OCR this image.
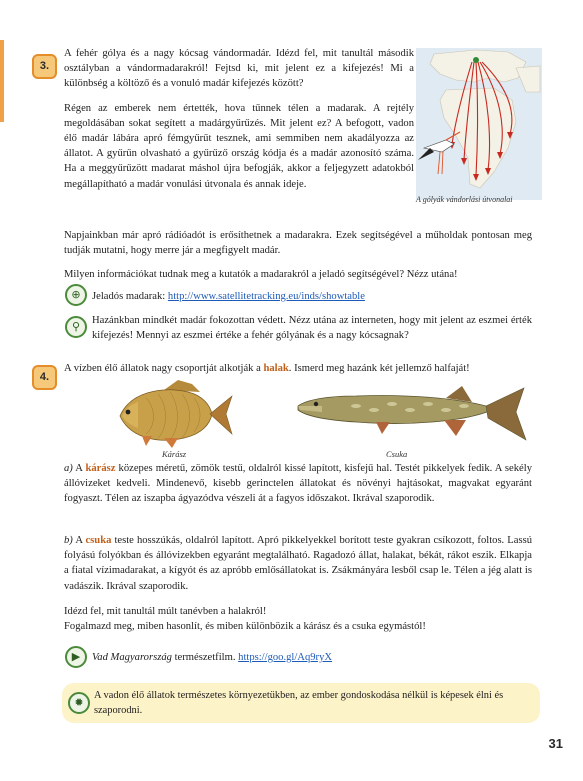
3.

A fehér gólya és a nagy kócsag vándormadár. Idézd fel, mit tanultál második osztályban a vándormadarakról! Fejtsd ki, mit jelent ez a kifejezés! Mi a különbség a költöző és a vonuló madár kifejezés között?

Régen az emberek nem értették, hova tűnnek télen a madarak. A rejtély megoldásában sokat segített a madárgyűrűzés. Mit jelent ez? A befogott, vadon élő madár lábára apró fémgyűrűt tesznek, ami semmiben nem akadályozza az állatot. A gyűrűn olvasható a gyűrűző ország kódja és a madár azonosító száma. Ha a meggyűrűzött madarat máshol újra befogják, akkor a feljegyzett adatokból megállapítható a madár vonulási útvonala és annak ideje.

A gólyák vándorlási útvonalai

Napjainkban már apró rádióadót is erősíthetnek a madarakra. Ezek segítségével a műholdak pontosan meg tudják mutatni, hogy merre jár a megfigyelt madár.

Milyen információkat tudnak meg a kutatók a madarakról a jeladó segítségével? Nézz utána!

⊕	Jeladós madarak: http://www.satellitetracking.eu/inds/showtable
⚲	Hazánkban mindkét madár fokozottan védett. Nézz utána az interneten, hogy mit jelent az eszmei érték kifejezés! Mennyi az eszmei értéke a fehér gólyának és a nagy kócsagnak?

4.
A vízben élő állatok nagy csoportját alkotják a halak. Ismerd meg hazánk két jellemző halfaját!
Kárász	Csuka

a) A kárász közepes méretű, zömök testű, oldalról kissé lapított, kisfejű hal. Testét pikkelyek fedik. A sekély állóvizeket kedveli. Mindenevő, kisebb gerinctelen állatokat és növényi hajtásokat, magvakat egyaránt fogyaszt. Télen az iszapba ágyazódva vészeli át a fagyos időszakot. Ikrával szaporodik.

b) A csuka teste hosszúkás, oldalról lapított. Apró pikkelyekkel borított teste gyakran csíkozott, foltos. Lassú folyású folyókban és állóvizekben egyaránt megtalálható. Ragadozó állat, halakat, békát, rákot eszik. Elkapja a fiatal vízimadarakat, a kígyót és az apróbb emlősállatokat is. Zsákmányára lesből csap le. Télen a jég alatt is vadászik. Ikrával szaporodik.

Idézd fel, mit tanultál múlt tanévben a halakról!

Fogalmazd meg, miben hasonlít, és miben különbözik a kárász és a csuka egymástól!

▶	Vad Magyarország természetfilm. https://goo.gl/Aq9ryX
✹
A vadon élő állatok természetes környezetükben, az ember gondoskodása nélkül is képesek élni és szaporodni.
31
